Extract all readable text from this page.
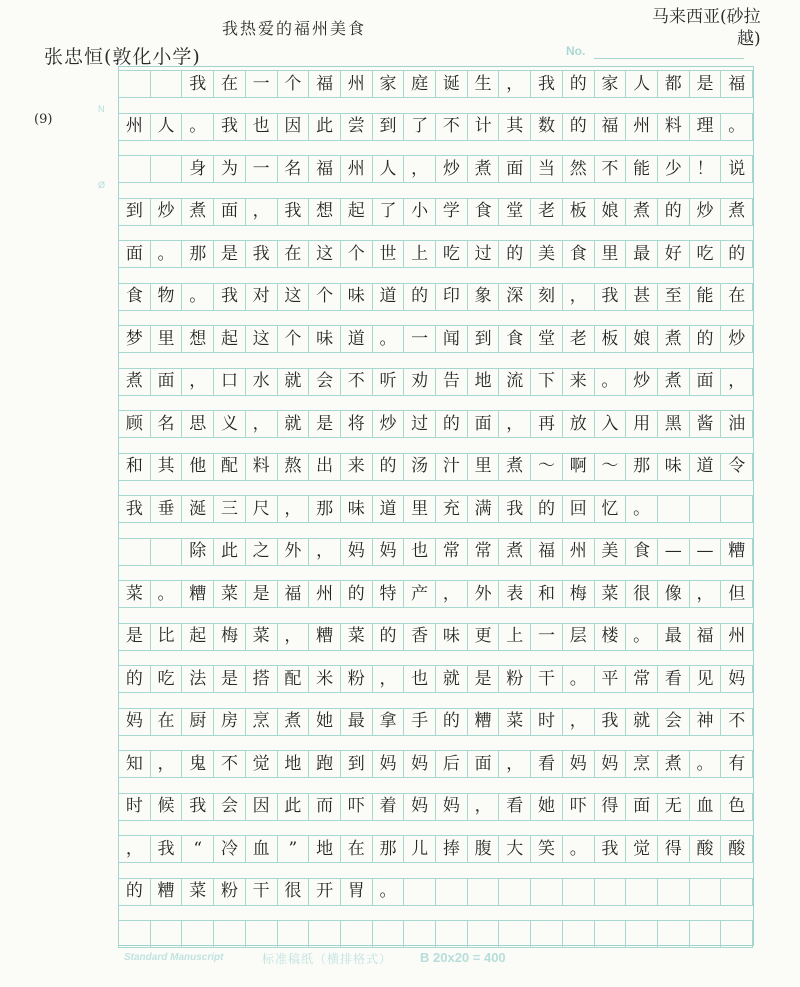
我热爱的福州美食
张忠恒(敦化小学)
马来西亚(砂拉
越)
(9)
No.
N
Ø
我 在 一 个 福 州 家 庭 诞 生 ， 我 的 家 人 都 是 福
州 人 。 我 也 因 此 尝 到 了 不 计 其 数 的 福 州 料 理 。
身 为 一 名 福 州 人 ， 炒 煮 面 当 然 不 能 少 ！ 说
到 炒 煮 面 ， 我 想 起 了 小 学 食 堂 老 板 娘 煮 的 炒 煮
面 。 那 是 我 在 这 个 世 上 吃 过 的 美 食 里 最 好 吃 的
食 物 。 我 对 这 个 味 道 的 印 象 深 刻 ， 我 甚 至 能 在
梦 里 想 起 这 个 味 道 。 一 闻 到 食 堂 老 板 娘 煮 的 炒
煮 面 ， 口 水 就 会 不 听 劝 告 地 流 下 来 。 炒 煮 面 ，
顾 名 思 义 ， 就 是 将 炒 过 的 面 ， 再 放 入 用 黑 酱 油
和 其 他 配 料 熬 出 来 的 汤 汁 里 煮 ～ 啊 ～ 那 味 道 令
我 垂 涎 三 尺 ， 那 味 道 里 充 满 我 的 回 忆 。
除 此 之 外 ， 妈 妈 也 常 常 煮 福 州 美 食 — — 糟
菜 。 糟 菜 是 福 州 的 特 产 ， 外 表 和 梅 菜 很 像 ， 但
是 比 起 梅 菜 ， 糟 菜 的 香 味 更 上 一 层 楼 。 最 福 州
的 吃 法 是 搭 配 米 粉 ， 也 就 是 粉 干 。 平 常 看 见 妈
妈 在 厨 房 烹 煮 她 最 拿 手 的 糟 菜 时 ， 我 就 会 神 不
知 ， 鬼 不 觉 地 跑 到 妈 妈 后 面 ， 看 妈 妈 烹 煮 。 有
时 候 我 会 因 此 而 吓 着 妈 妈 ， 看 她 吓 得 面 无 血 色
， 我	“	冷 血	”	地 在 那 儿 捧 腹 大 笑 。 我 觉 得 酸 酸
的 糟 菜 粉 干 很 开 胃 。
Standard Manuscript	标准稿纸（横排格式） B 20x20 = 400
